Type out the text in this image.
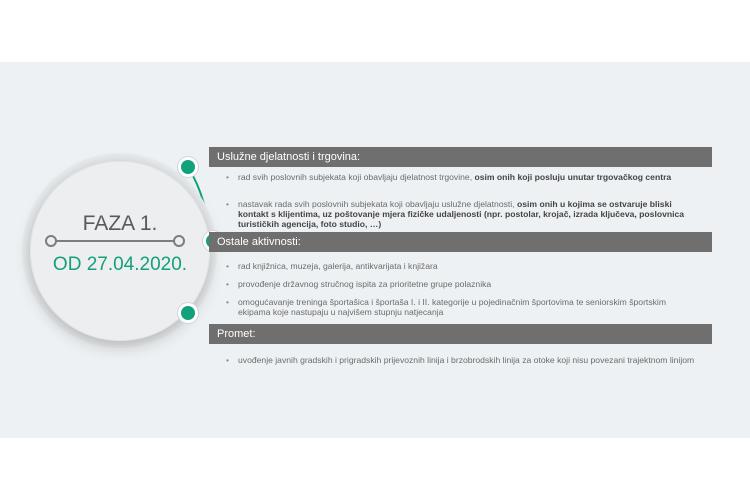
FAZA 1.
OD 27.04.2020.
Uslužne djelatnosti i trgovina:
• rad svih poslovnih subjekata koji obavljaju djelatnost trgovine, osim onih koji posluju unutar trgovačkog centra
• nastavak rada svih poslovnih subjekata koji obavljaju uslužne djelatnosti, osim onih u kojima se ostvaruje bliski kontakt s klijentima, uz poštovanje mjera fizičke udaljenosti (npr. postolar, krojač, izrada ključeva, poslovnica turističkih agencija, foto studio, …)
Ostale aktivnosti:
• rad knjižnica, muzeja, galerija, antikvarijata i knjižara
• provođenje državnog stručnog ispita za prioritetne grupe polaznika
• omogućavanje treninga športašica i športaša I. i II. kategorije u pojedinačnim športovima te seniorskim športskim ekipama koje nastupaju u najvišem stupnju natjecanja
Promet:
• uvođenje javnih gradskih i prigradskih prijevoznih linija i brzobrodskih linija za otoke koji nisu povezani trajektnom linijom
